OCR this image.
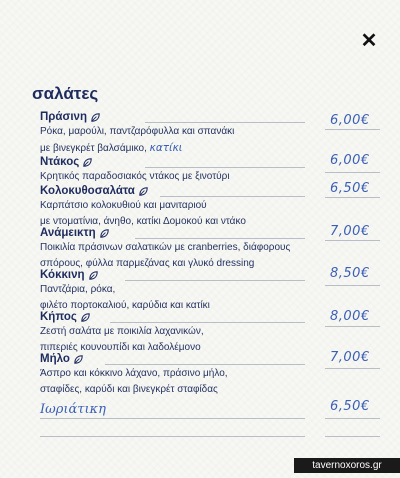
✕
σαλάτες
Πράσινη
Ρόκα, μαρούλι, παντζαρόφυλλα και σπανάκι
με βινεγκρέτ βαλσάμικο, κατίκι
6,00€
Ντάκος
Κρητικός παραδοσιακός ντάκος με ξινοτύρι
6,00€
Κολοκυθοσαλάτα
Καρπάτσιο κολοκυθιού και μανιταριού
με ντοματίνια, άνηθο, κατίκι Δομοκού και ντάκο
6,50€
Ανάμεικτη
Ποικιλία πράσινων σαλατικών με cranberries, διάφορους
σπόρους, φύλλα παρμεζάνας και γλυκό dressing
7,00€
Κόκκινη
Παντζάρια, ρόκα,
φιλέτο πορτοκαλιού, καρύδια και κατίκι
8,50€
Κήπος
Ζεστή σαλάτα με ποικιλία λαχανικών,
πιπεριές κουνουπίδι και λαδολέμονο
8,00€
Μήλο
Άσπρο και κόκκινο λάχανο, πράσινο μήλο,
σταφίδες, καρύδι και βινεγκρέτ σταφίδας
7,00€
Ιωριάτικη	6,50€
tavernoxoros.gr
